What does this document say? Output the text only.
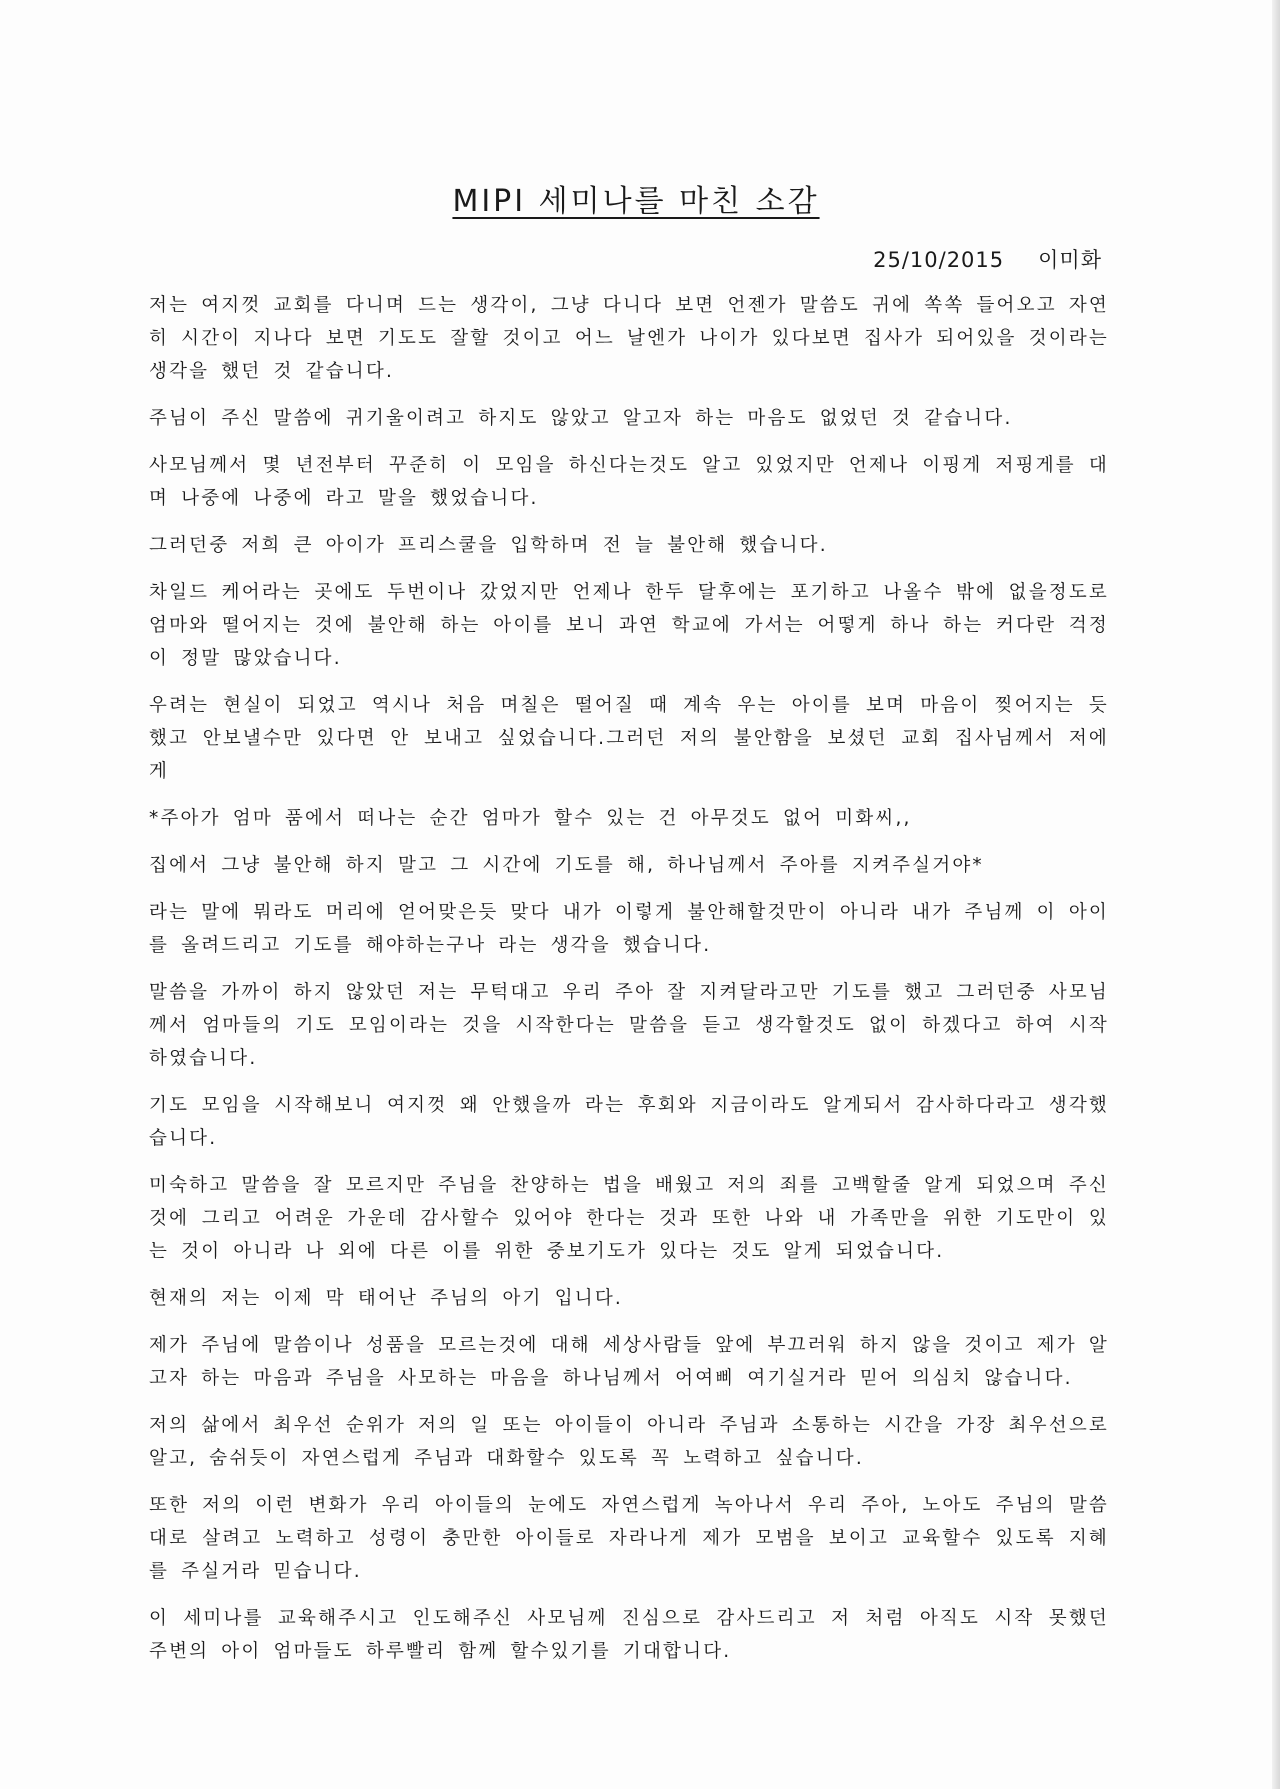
MIPI 세미나를 마친 소감
25/10/2015 이미화

저는 여지껏 교회를 다니며 드는 생각이, 그냥 다니다 보면 언젠가 말씀도 귀에 쏙쏙 들어오고 자연히 시간이 지나다 보면 기도도 잘할 것이고 어느 날엔가 나이가 있다보면 집사가 되어있을 것이라는 생각을 했던 것 같습니다.

주님이 주신 말씀에 귀기울이려고 하지도 않았고 알고자 하는 마음도 없었던 것 같습니다.

사모님께서 몇 년전부터 꾸준히 이 모임을 하신다는것도 알고 있었지만 언제나 이핑게 저핑게를 대며 나중에 나중에 라고 말을 했었습니다.

그러던중 저희 큰 아이가 프리스쿨을 입학하며 전 늘 불안해 했습니다.

차일드 케어라는 곳에도 두번이나 갔었지만 언제나 한두 달후에는 포기하고 나올수 밖에 없을정도로 엄마와 떨어지는 것에 불안해 하는 아이를 보니 과연 학교에 가서는 어떻게 하나 하는 커다란 걱정이 정말 많았습니다.

우려는 현실이 되었고 역시나 처음 며칠은 떨어질 때 계속 우는 아이를 보며 마음이 찢어지는 듯 했고 안보낼수만 있다면 안 보내고 싶었습니다.그러던 저의 불안함을 보셨던 교회 집사님께서 저에게

*주아가 엄마 품에서 떠나는 순간 엄마가 할수 있는 건 아무것도 없어 미화씨,,

집에서 그냥 불안해 하지 말고 그 시간에 기도를 해, 하나님께서 주아를 지켜주실거야*

라는 말에 뭐라도 머리에 얻어맞은듯 맞다 내가 이렇게 불안해할것만이 아니라 내가 주님께 이 아이를 올려드리고 기도를 해야하는구나 라는 생각을 했습니다.

말씀을 가까이 하지 않았던 저는 무턱대고 우리 주아 잘 지켜달라고만 기도를 했고 그러던중 사모님께서 엄마들의 기도 모임이라는 것을 시작한다는 말씀을 듣고 생각할것도 없이 하겠다고 하여 시작하였습니다.

기도 모임을 시작해보니 여지껏 왜 안했을까 라는 후회와 지금이라도 알게되서 감사하다라고 생각했습니다.

미숙하고 말씀을 잘 모르지만 주님을 찬양하는 법을 배웠고 저의 죄를 고백할줄 알게 되었으며 주신것에 그리고 어려운 가운데 감사할수 있어야 한다는 것과 또한 나와 내 가족만을 위한 기도만이 있는 것이 아니라 나 외에 다른 이를 위한 중보기도가 있다는 것도 알게 되었습니다.

현재의 저는 이제 막 태어난 주님의 아기 입니다.

제가 주님에 말씀이나 성품을 모르는것에 대해 세상사람들 앞에 부끄러워 하지 않을 것이고 제가 알고자 하는 마음과 주님을 사모하는 마음을 하나님께서 어여삐 여기실거라 믿어 의심치 않습니다.

저의 삶에서 최우선 순위가 저의 일 또는 아이들이 아니라 주님과 소통하는 시간을 가장 최우선으로 알고, 숨쉬듯이 자연스럽게 주님과 대화할수 있도록 꼭 노력하고 싶습니다.

또한 저의 이런 변화가 우리 아이들의 눈에도 자연스럽게 녹아나서 우리 주아, 노아도 주님의 말씀대로 살려고 노력하고 성령이 충만한 아이들로 자라나게 제가 모범을 보이고 교육할수 있도록 지혜를 주실거라 믿습니다.

이 세미나를 교육해주시고 인도해주신 사모님께 진심으로 감사드리고 저 처럼 아직도 시작 못했던 주변의 아이 엄마들도 하루빨리 함께 할수있기를 기대합니다.
